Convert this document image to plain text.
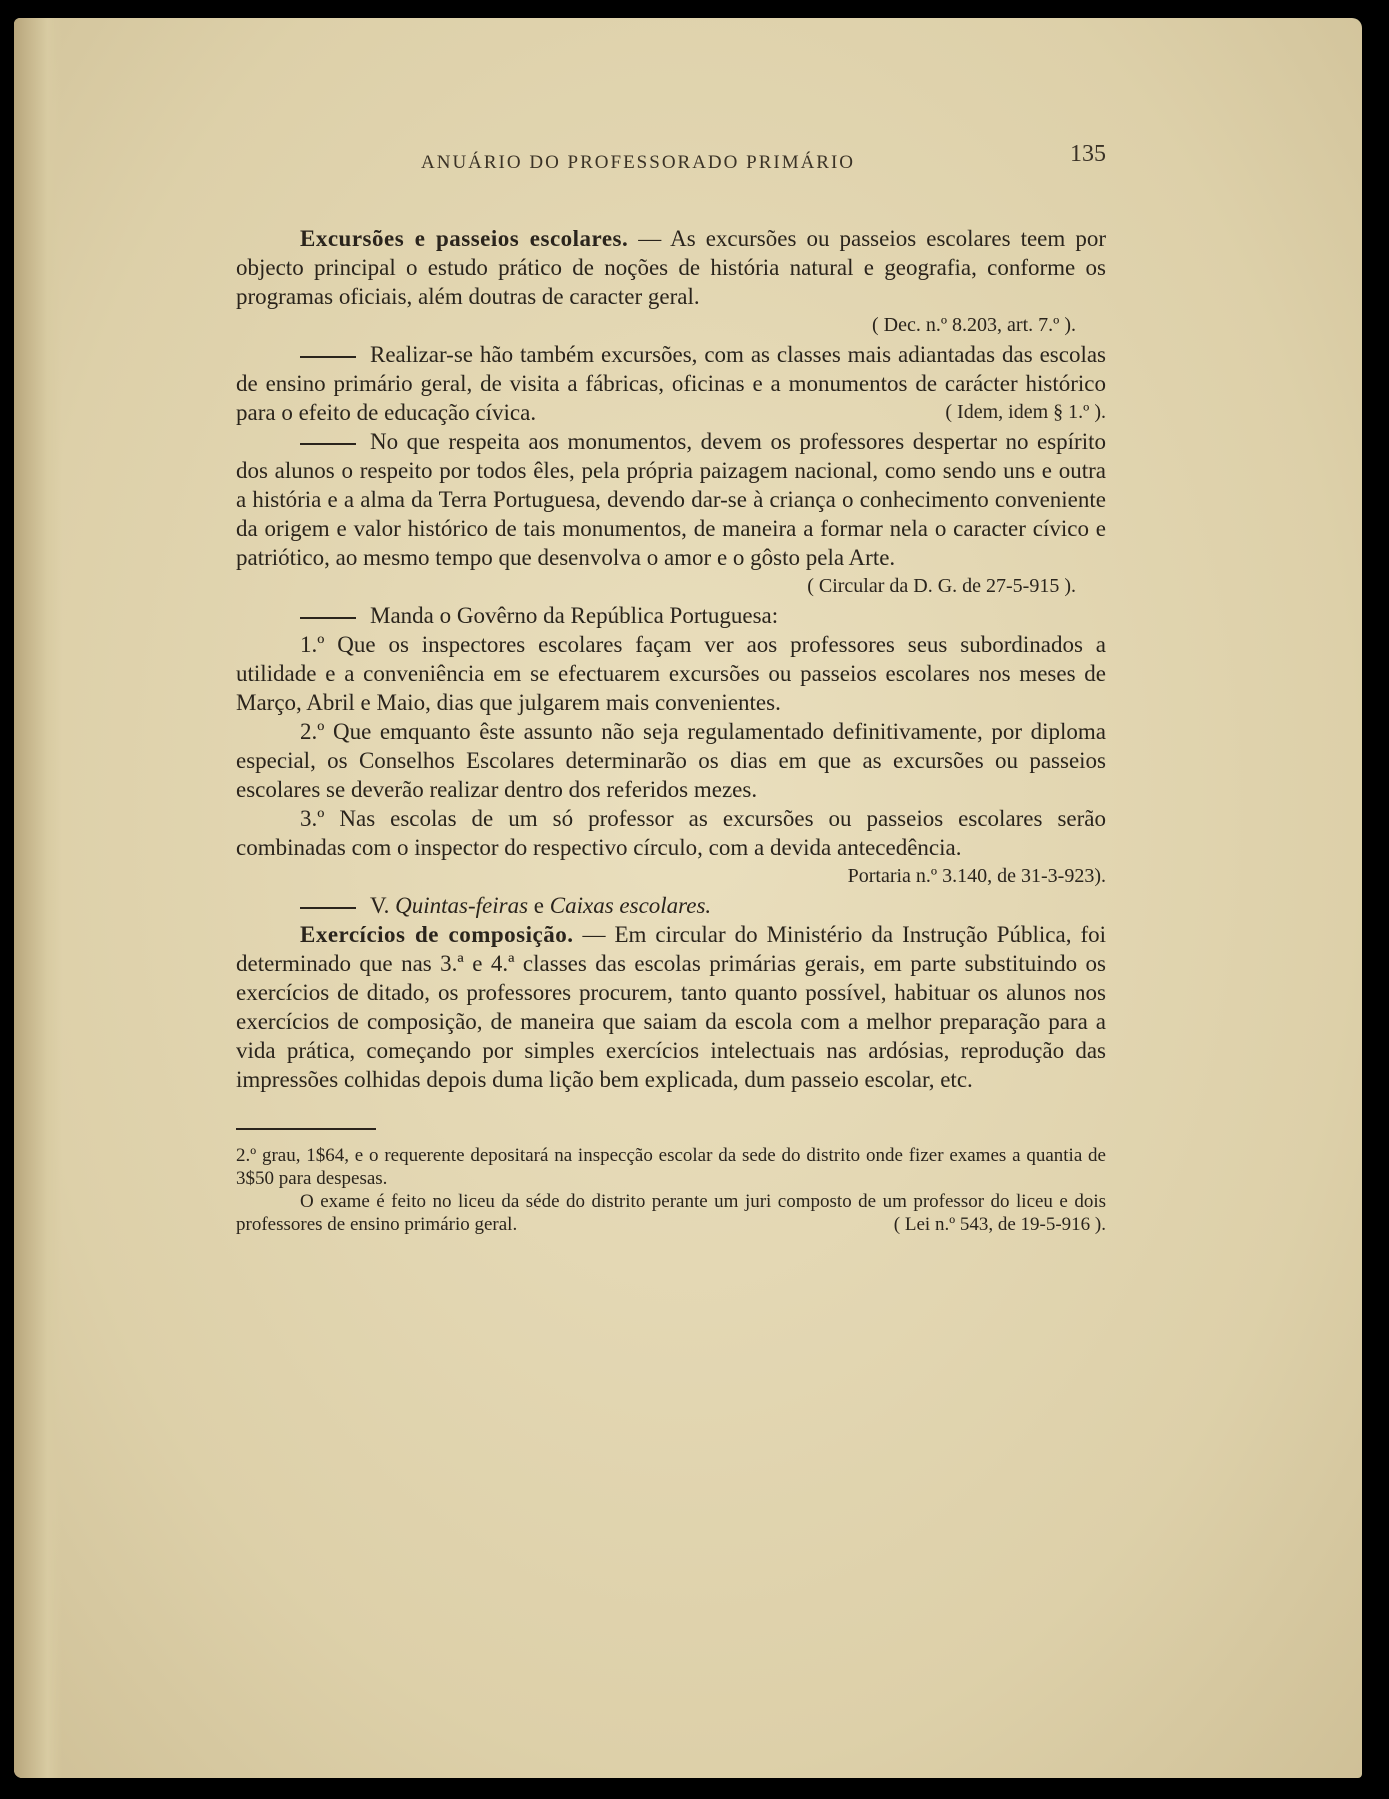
ANUÁRIO DO PROFESSORADO PRIMÁRIO	135

Excursões e passeios escolares. — As excursões ou passeios escolares teem por objecto principal o estudo prático de noções de história natural e geografia, conforme os programas oficiais, além doutras de caracter geral.

( Dec. n.º 8.203, art. 7.º ).

Realizar-se hão também excursões, com as classes mais adiantadas das escolas de ensino primário geral, de visita a fábricas, oficinas e a monumentos de carácter histórico para o efeito de educação cívica.	( Idem, idem § 1.º ).

No que respeita aos monumentos, devem os professores despertar no espírito dos alunos o respeito por todos êles, pela própria paizagem nacional, como sendo uns e outra a história e a alma da Terra Portuguesa, devendo dar-se à criança o conhecimento conveniente da origem e valor histórico de tais monumentos, de maneira a formar nela o caracter cívico e patriótico, ao mesmo tempo que desenvolva o amor e o gôsto pela Arte.

( Circular da D. G. de 27-5-915 ).

Manda o Govêrno da República Portuguesa:

1.º Que os inspectores escolares façam ver aos professores seus subordinados a utilidade e a conveniência em se efectuarem excursões ou passeios escolares nos meses de Março, Abril e Maio, dias que julgarem mais convenientes.

2.º Que emquanto êste assunto não seja regulamentado definitivamente, por diploma especial, os Conselhos Escolares determinarão os dias em que as excursões ou passeios escolares se deverão realizar dentro dos referidos mezes.

3.º Nas escolas de um só professor as excursões ou passeios escolares serão combinadas com o inspector do respectivo círculo, com a devida antecedência.
Portaria n.º 3.140, de 31-3-923).

V. Quintas-feiras e Caixas escolares.

Exercícios de composição. — Em circular do Ministério da Instrução Pública, foi determinado que nas 3.ª e 4.ª classes das escolas primárias gerais, em parte substituindo os exercícios de ditado, os professores procurem, tanto quanto possível, habituar os alunos nos exercícios de composição, de maneira que saiam da escola com a melhor preparação para a vida prática, começando por simples exercícios intelectuais nas ardósias, reprodução das impressões colhidas depois duma lição bem explicada, dum passeio escolar, etc.

2.º grau, 1$64, e o requerente depositará na inspecção escolar da sede do distrito onde fizer exames a quantia de 3$50 para despesas.

O exame é feito no liceu da séde do distrito perante um juri composto de um professor do liceu e dois professores de ensino primário geral.	( Lei n.º 543, de 19-5-916 ).
